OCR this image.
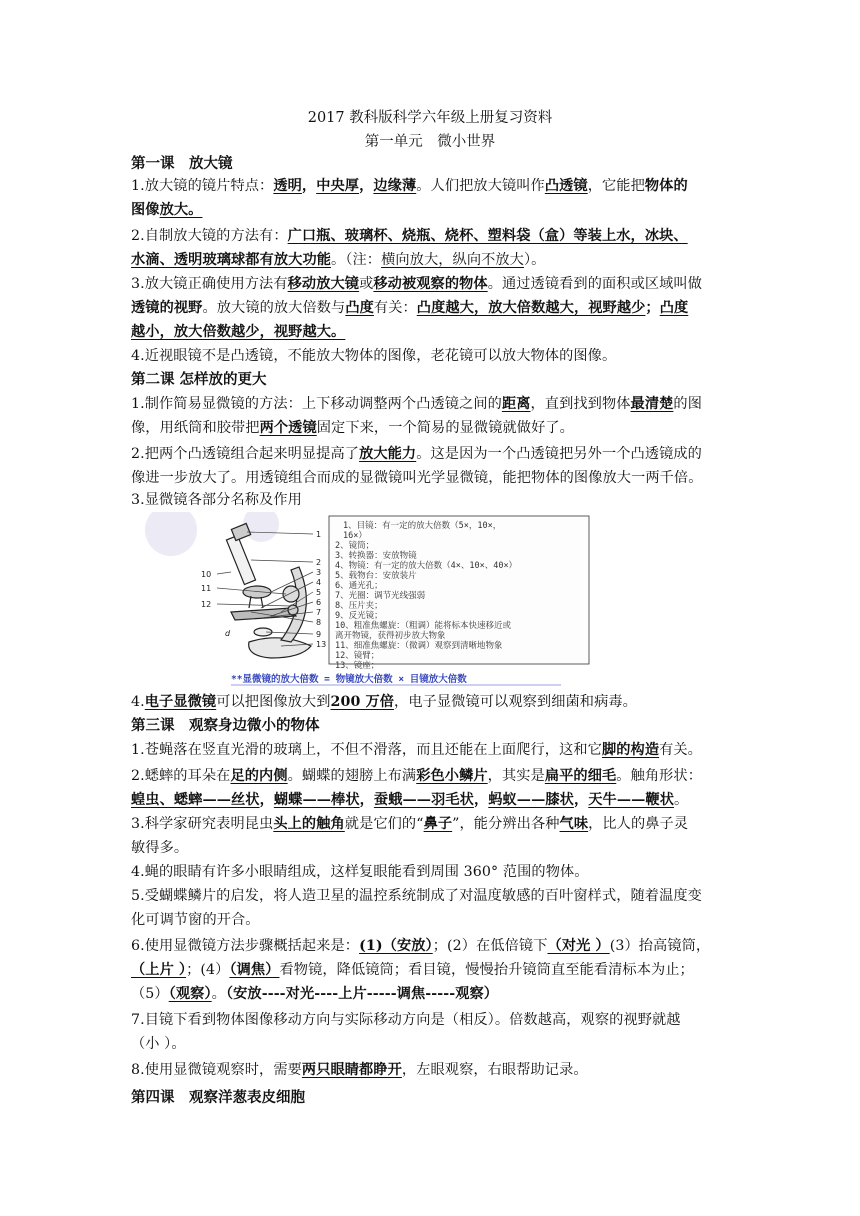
2017 教科版科学六年级上册复习资料
第一单元　微小世界
第一课　放大镜
1.放大镜的镜片特点：透明，中央厚，边缘薄。人们把放大镜叫作凸透镜，它能把物体的
图像放大。
2.自制放大镜的方法有：广口瓶、玻璃杯、烧瓶、烧杯、塑料袋（盒）等装上水，冰块、
水滴、透明玻璃球都有放大功能。（注：横向放大，纵向不放大）。
3.放大镜正确使用方法有移动放大镜或移动被观察的物体。通过透镜看到的面积或区域叫做
透镜的视野。放大镜的放大倍数与凸度有关：凸度越大，放大倍数越大，视野越少；凸度
越小，放大倍数越少，视野越大。
4.近视眼镜不是凸透镜，不能放大物体的图像，老花镜可以放大物体的图像。
第二课 怎样放的更大
1.制作简易显微镜的方法：上下移动调整两个凸透镜之间的距离，直到找到物体最清楚的图
像，用纸筒和胶带把两个透镜固定下来，一个简易的显微镜就做好了。
2.把两个凸透镜组合起来明显提高了放大能力。这是因为一个凸透镜把另外一个凸透镜成的
像进一步放大了。用透镜组合而成的显微镜叫光学显微镜，能把物体的图像放大一两千倍。
3.显微镜各部分名称及作用
1
2
3
4
5
6
7
8
9
10
11
12
13
d
1、目镜：有一定的放大倍数（5×，10×，
16×）
2、镜筒；
3、转换器：安放物镜
4、物镜：有一定的放大倍数（4×、10×、40×）
5、载物台：安放装片
6、通光孔；
7、光圈：调节光线强弱
8、压片夹；
9、反光镜；
10、粗准焦螺旋：（粗调）能将标本快速移近或
离开物镜，获得初步放大物象
11、细准焦螺旋：（微调）观察到清晰地物象
12、镜臂；
13、镜座；
**显微镜的放大倍数 = 物镜放大倍数 × 目镜放大倍数
4.电子显微镜可以把图像放大到200 万倍，电子显微镜可以观察到细菌和病毒。
第三课　观察身边微小的物体
1.苍蝇落在竖直光滑的玻璃上，不但不滑落，而且还能在上面爬行，这和它脚的构造有关。
2.蟋蟀的耳朵在足的内侧。蝴蝶的翅膀上布满彩色小鳞片，其实是扁平的细毛。触角形状：
蝗虫、蟋蟀——丝状，蝴蝶——棒状，蚕蛾——羽毛状，蚂蚁——膝状，天牛——鞭状。
3.科学家研究表明昆虫头上的触角就是它们的“鼻子”，能分辨出各种气味，比人的鼻子灵
敏得多。
4.蝇的眼睛有许多小眼睛组成，这样复眼能看到周围 360° 范围的物体。
5.受蝴蝶鳞片的启发，将人造卫星的温控系统制成了对温度敏感的百叶窗样式，随着温度变
化可调节窗的开合。
6.使用显微镜方法步骤概括起来是：(1)（安放）；(2）在低倍镜下（对光 ）(3）抬高镜筒，
（上片 ）；(4）（调焦）看物镜，降低镜筒；看目镜，慢慢抬升镜筒直至能看清标本为止；
（5）（观察）。（安放----对光----上片-----调焦-----观察）
7.目镜下看到物体图像移动方向与实际移动方向是（相反）。倍数越高，观察的视野就越
（小 ）。
8.使用显微镜观察时，需要两只眼睛都睁开，左眼观察，右眼帮助记录。
第四课　观察洋葱表皮细胞
